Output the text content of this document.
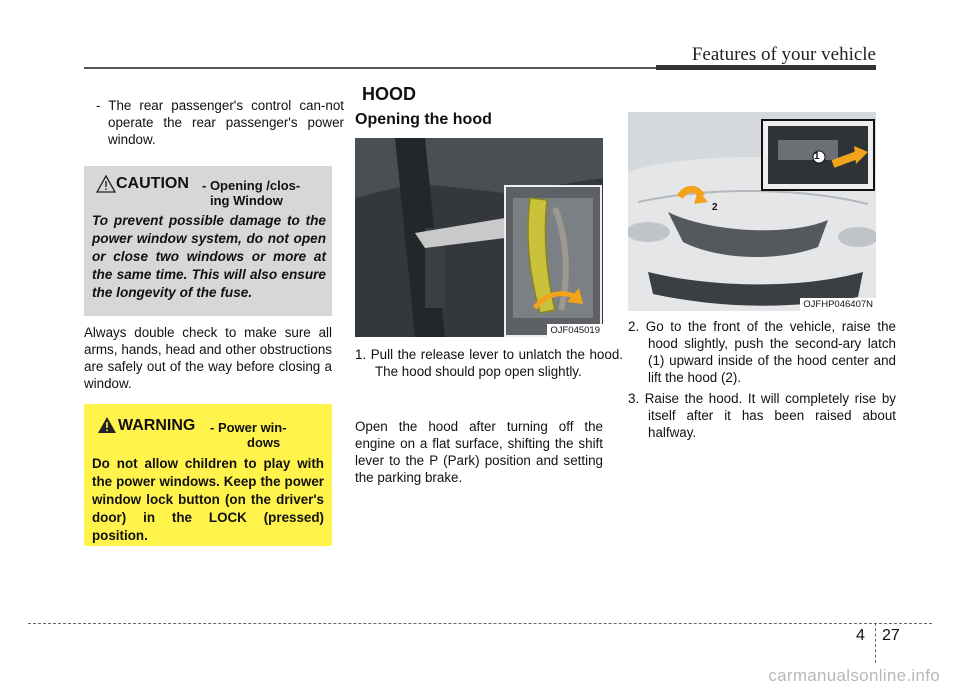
Features of your vehicle
- The rear passenger's control can-not operate the rear passenger's power window.
CAUTION - Opening /clos-
ing Window
To prevent possible damage to the power window system, do not open or close two windows or more at the same time. This will also ensure the longevity of the fuse.
Always double check to make sure all arms, hands, head and other obstructions are safely out of the way before closing a window.
WARNING - Power win-
dows
Do not allow children to play with the power windows. Keep the power window lock button (on the driver's door) in the LOCK (pressed) position.
HOOD
Opening the hood
OJF045019
1. Pull the release lever to unlatch the hood. The hood should pop open slightly.
Open the hood after turning off the engine on a flat surface, shifting the shift lever to the P (Park) position and setting the parking brake.
1
2
OJFHP046407N
2. Go to the front of the vehicle, raise the hood slightly, push the second-ary latch (1) upward inside of the hood center and lift the hood (2).
3. Raise the hood. It will completely rise by itself after it has been raised about halfway.
4 27
carmanualsonline.info
